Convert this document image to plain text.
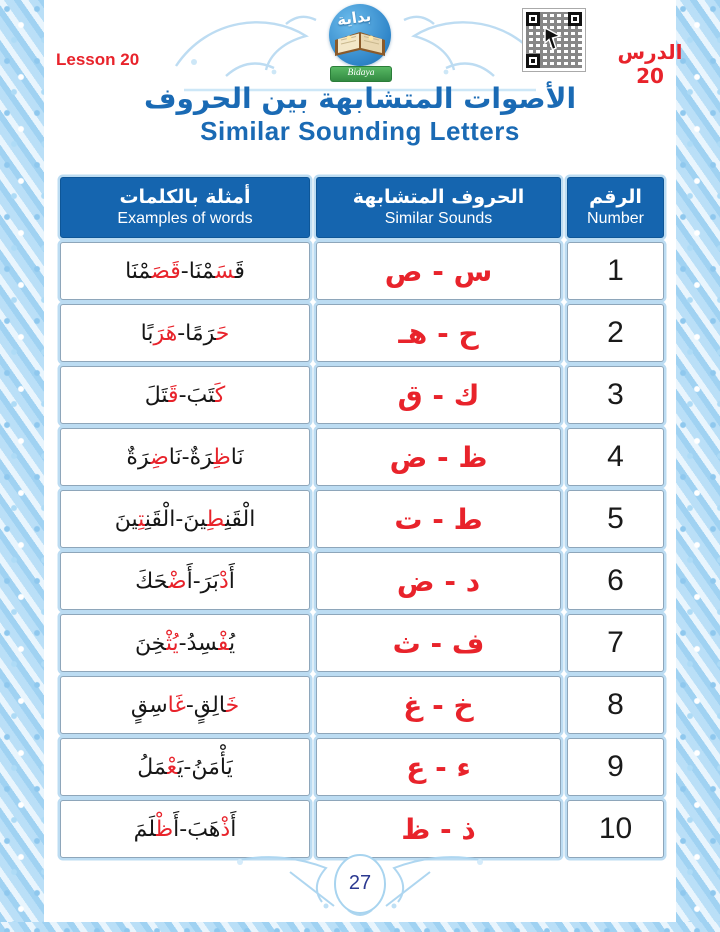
Lesson 20
بداية
Bidaya
الدرس 20
الأصوات المتشابهة بين الحروف
Similar Sounding Letters
الرقم
Number
الحروف المتشابهة
Similar Sounds
أمثلة بالكلمات
Examples of words
1
س - ص
قَ‍
‍سَ‍
‍مْنَا
-
قَصَ‍
‍مْنَا
2
ح - هـ
حَ‍
‍رَمًا
-
هَرَ
بًا
3
ك - ق
كَ‍
‍تَبَ
-
قَ‍
‍تَلَ
4
ظ - ض
نَا
ظِ‍
‍رَةٌ
-
نَا
ضِ‍
‍رَةٌ
5
ط - ت
الْقَنِ‍
‍طِ‍
‍ينَ
-
الْقَنِ‍
‍تِ‍
‍ينَ
6
د - ض
أَ
دْ
بَرَ
-
أَ
ضْ‍
‍حَكَ
7
ف - ث
يُ‍
‍فْ‍
‍سِدُ
-
يُثْ‍
‍خِنَ
8
خ - غ
خَ‍
‍الِقٍ
-
غَا
سِقٍ
9
ء - ع
يَأْمَنُ
-
يَ‍
‍عْ‍
‍مَلُ
10
ذ - ظ
أَ
ذْ
هَبَ
-
أَ
ظْ‍
‍لَمَ
27
